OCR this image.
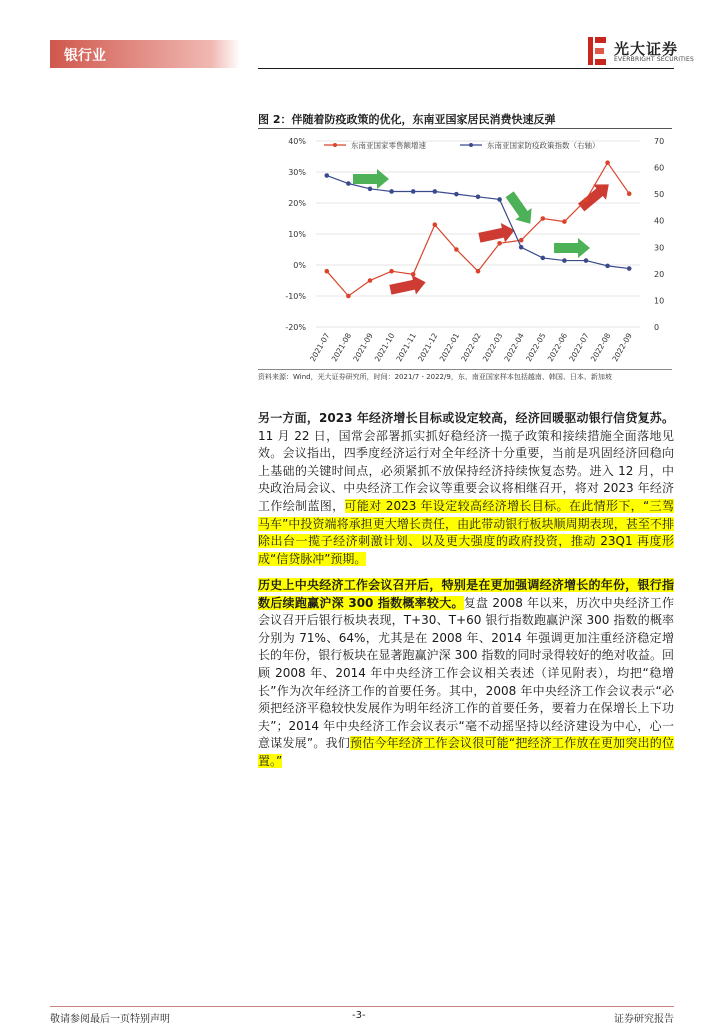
银行业	光大证券
EVERBRIGHT SECURITIES
图 2：伴随着防疫政策的优化，东南亚国家居民消费快速反弹
-20%
-10%
0%
10%
20%
30%
40%
0
10
20
30
40
50
60
70
2021-07
2021-08
2021-09
2021-10
2021-11
2021-12
2022-01
2022-02
2022-03
2022-04
2022-05
2022-06
2022-07
2022-08
2022-09
东南亚国家零售额增速	东南亚国家防疫政策指数（右轴）
资料来源：Wind，光大证券研究所，时间：2021/7 - 2022/9，东、南亚国家样本包括越南、韩国、日本、新加坡
另一方面，2023 年经济增长目标或设定较高，经济回暖驱动银行信贷复苏。11 月 22 日，国常会部署抓实抓好稳经济一揽子政策和接续措施全面落地见效。会议指出，四季度经济运行对全年经济十分重要，当前是巩固经济回稳向上基础的关键时间点，必须紧抓不放保持经济持续恢复态势。进入 12 月，中央政治局会议、中央经济工作会议等重要会议将相继召开，将对 2023 年经济工作绘制蓝图，可能对 2023 年设定较高经济增长目标。在此情形下，“三驾马车”中投资端将承担更大增长责任，由此带动银行板块顺周期表现，甚至不排除出台一揽子经济刺激计划、以及更大强度的政府投资，推动 23Q1 再度形成“信贷脉冲”预期。
历史上中央经济工作会议召开后，特别是在更加强调经济增长的年份，银行指数后续跑赢沪深 300 指数概率较大。复盘 2008 年以来，历次中央经济工作会议召开后银行板块表现，T+30、T+60 银行指数跑赢沪深 300 指数的概率分别为 71%、64%，尤其是在 2008 年、2014 年强调更加注重经济稳定增长的年份，银行板块在显著跑赢沪深 300 指数的同时录得较好的绝对收益。回顾 2008 年、2014 年中央经济工作会议相关表述（详见附表），均把“稳增长”作为次年经济工作的首要任务。其中，2008 年中央经济工作会议表示“必须把经济平稳较快发展作为明年经济工作的首要任务，要着力在保增长上下功夫”；2014 年中央经济工作会议表示“毫不动摇坚持以经济建设为中心，心一意谋发展”。我们预估今年经济工作会议很可能“把经济工作放在更加突出的位置。”
敬请参阅最后一页特别声明	-3-	证券研究报告
